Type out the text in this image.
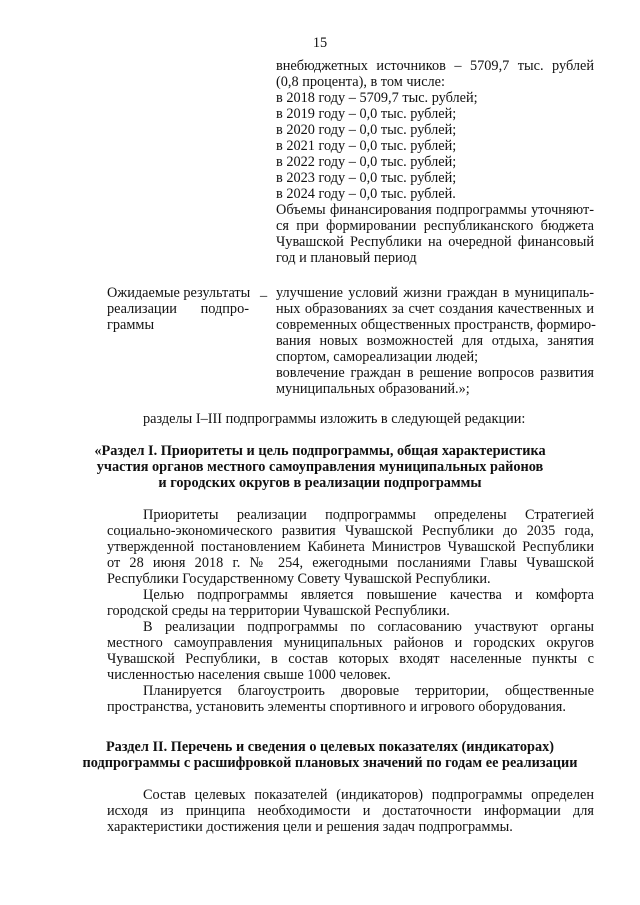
15
внебюджетных источников – 5709,7 тыс. рублей
(0,8 процента), в том числе:
в 2018 году – 5709,7 тыс. рублей;
в 2019 году – 0,0 тыс. рублей;
в 2020 году – 0,0 тыс. рублей;
в 2021 году – 0,0 тыс. рублей;
в 2022 году – 0,0 тыс. рублей;
в 2023 году – 0,0 тыс. рублей;
в 2024 году – 0,0 тыс. рублей.
Объемы финансирования подпрограммы уточняют-
ся при формировании республиканского бюджета
Чувашской Республики на очередной финансовый
год и плановый период
Ожидаемые результаты
реализации подпро-
граммы
– улучшение условий жизни граждан в муниципаль-
ных образованиях за счет создания качественных и
современных общественных пространств, формиро-
вания новых возможностей для отдыха, занятия
спортом, самореализации людей;
вовлечение граждан в решение вопросов развития
муниципальных образований.»;
разделы I–III подпрограммы изложить в следующей редакции:
«Раздел I. Приоритеты и цель подпрограммы, общая характеристика
участия органов местного самоуправления муниципальных районов
и городских округов в реализации подпрограммы
Приоритеты реализации подпрограммы определены Стратегией социально-экономического развития Чувашской Республики до 2035 года, утвержденной постановлением Кабинета Министров Чувашской Республики от 28 июня 2018 г. № 254, ежегодными посланиями Главы Чувашской Республики Государственному Совету Чувашской Республики.
Целью подпрограммы является повышение качества и комфорта городской среды на территории Чувашской Республики.
В реализации подпрограммы по согласованию участвуют органы местного самоуправления муниципальных районов и городских округов Чувашской Республики, в состав которых входят населенные пункты с численностью населения свыше 1000 человек.
Планируется благоустроить дворовые территории, общественные пространства, установить элементы спортивного и игрового оборудования.
Раздел II. Перечень и сведения о целевых показателях (индикаторах)
подпрограммы с расшифровкой плановых значений по годам ее реализации
Состав целевых показателей (индикаторов) подпрограммы определен исходя из принципа необходимости и достаточности информации для характеристики достижения цели и решения задач подпрограммы.
